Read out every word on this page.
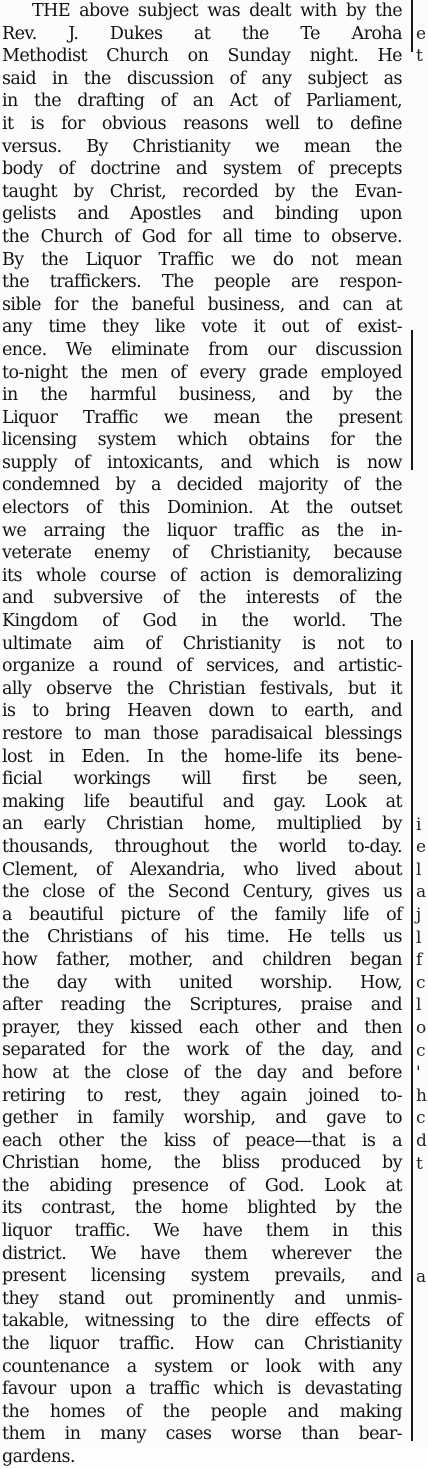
THE above subject was dealt with by the
Rev. J. Dukes at the Te Aroha
Methodist Church on Sunday night. He
said in the discussion of any subject as
in the drafting of an Act of Parliament,
it is for obvious reasons well to define
versus. By Christianity we mean the
body of doctrine and system of precepts
taught by Christ, recorded by the Evan-
gelists and Apostles and binding upon
the Church of God for all time to observe.
By the Liquor Traffic we do not mean
the traffickers. The people are respon-
sible for the baneful business, and can at
any time they like vote it out of exist-
ence. We eliminate from our discussion
to-night the men of every grade employed
in the harmful business, and by the
Liquor Traffic we mean the present
licensing system which obtains for the
supply of intoxicants, and which is now
condemned by a decided majority of the
electors of this Dominion. At the outset
we arraing the liquor traffic as the in-
veterate enemy of Christianity, because
its whole course of action is demoralizing
and subversive of the interests of the
Kingdom of God in the world. The
ultimate aim of Christianity is not to
organize a round of services, and artistic-
ally observe the Christian festivals, but it
is to bring Heaven down to earth, and
restore to man those paradisaical blessings
lost in Eden. In the home-life its bene-
ficial workings will first be seen,
making life beautiful and gay. Look at
an early Christian home, multiplied by
thousands, throughout the world to-day.
Clement, of Alexandria, who lived about
the close of the Second Century, gives us
a beautiful picture of the family life of
the Christians of his time. He tells us
how father, mother, and children began
the day with united worship. How,
after reading the Scriptures, praise and
prayer, they kissed each other and then
separated for the work of the day, and
how at the close of the day and before
retiring to rest, they again joined to-
gether in family worship, and gave to
each other the kiss of peace—that is a
Christian home, the bliss produced by
the abiding presence of God. Look at
its contrast, the home blighted by the
liquor traffic. We have them in this
district. We have them wherever the
present licensing system prevails, and
they stand out prominently and unmis-
takable, witnessing to the dire effects of
the liquor traffic. How can Christianity
countenance a system or look with any
favour upon a traffic which is devastating
the homes of the people and making
them in many cases worse than bear-
gardens.
e
t
i
e
l
a
j
l
f
c
l
o
c
'
h
c
d
t
a
